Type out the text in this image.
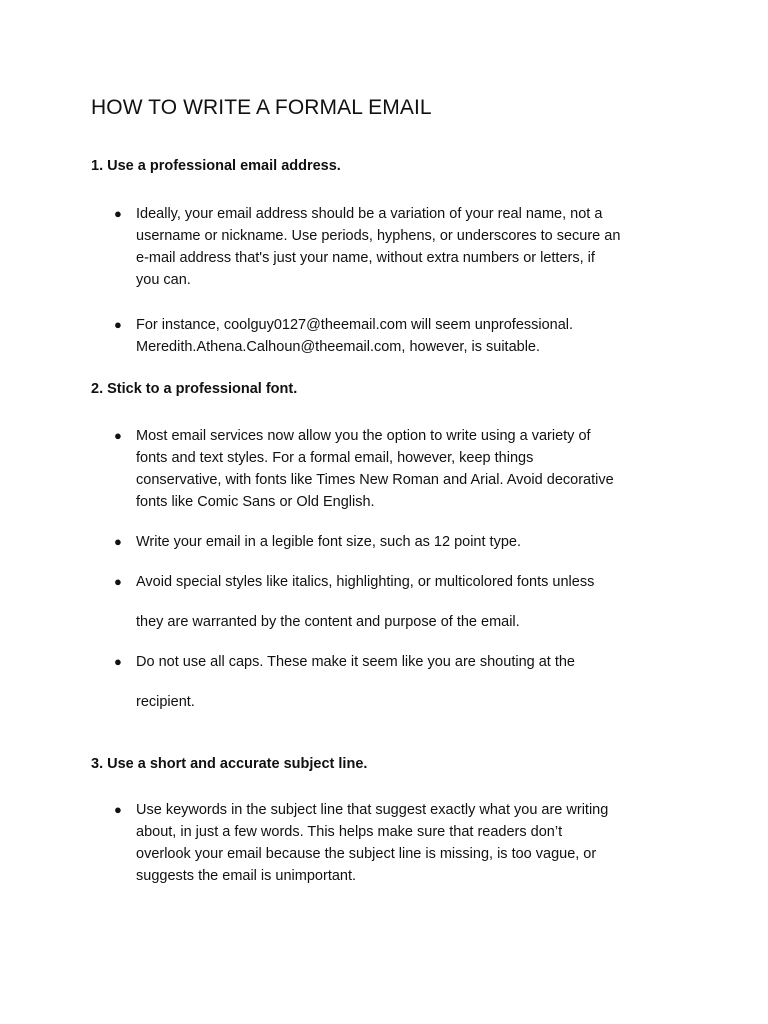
HOW TO WRITE A FORMAL EMAIL
1. Use a professional email address.
● Ideally, your email address should be a variation of your real name, not a
username or nickname. Use periods, hyphens, or underscores to secure an
e-mail address that's just your name, without extra numbers or letters, if
you can.

● For instance, coolguy0127@theemail.com will seem unprofessional.
Meredith.Athena.Calhoun@theemail.com, however, is suitable.

2. Stick to a professional font.
● Most email services now allow you the option to write using a variety of
fonts and text styles. For a formal email, however, keep things
conservative, with fonts like Times New Roman and Arial. Avoid decorative
fonts like Comic Sans or Old English.

● Write your email in a legible font size, such as 12 point type.

● Avoid special styles like italics, highlighting, or multicolored fonts unless
they are warranted by the content and purpose of the email.

● Do not use all caps. These make it seem like you are shouting at the
recipient.

3. Use a short and accurate subject line.
● Use keywords in the subject line that suggest exactly what you are writing
about, in just a few words. This helps make sure that readers don’t
overlook your email because the subject line is missing, is too vague, or
suggests the email is unimportant.
